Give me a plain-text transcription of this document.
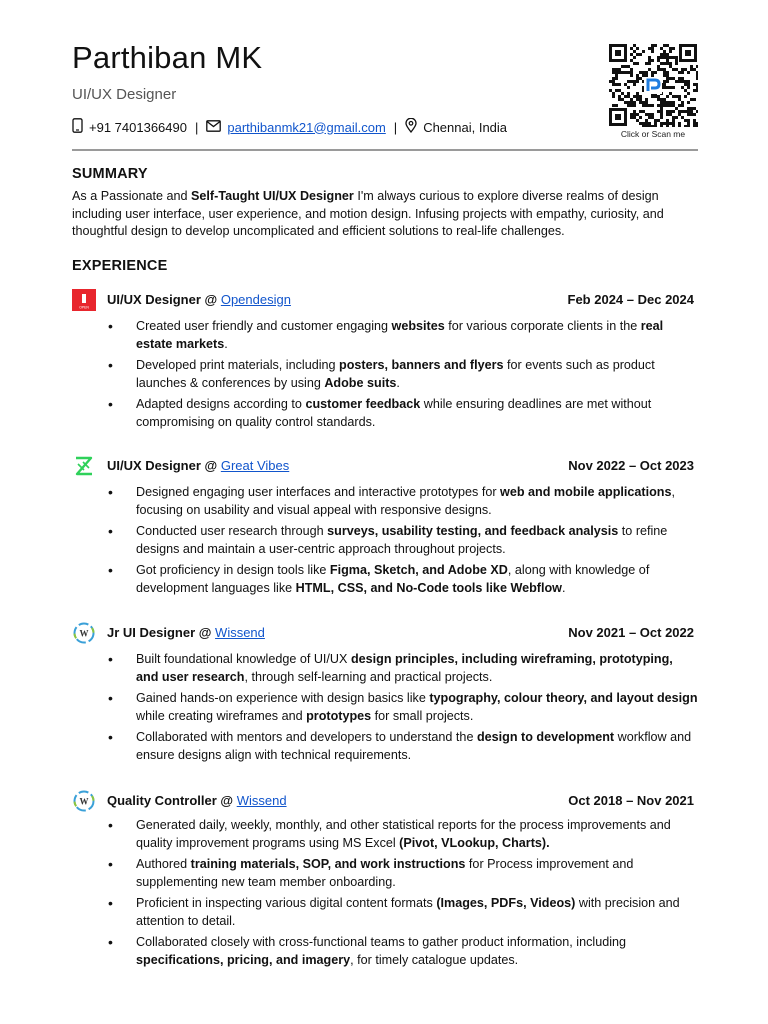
Parthiban MK
UI/UX Designer
+91 7401366490 | parthibanmk21@gmail.com | Chennai, India	Click or Scan me
SUMMARY
As a Passionate and Self-Taught UI/UX Designer I'm always curious to explore diverse realms of design including user interface, user experience, and motion design. Infusing projects with empathy, curiosity, and thoughtful design to develop uncomplicated and efficient solutions to real-life challenges.
EXPERIENCE
OPEN
UI/UX Designer @ Opendesign	Feb 2024 – Dec 2024
• Created user friendly and customer engaging websites for various corporate clients in the real estate markets.
• Developed print materials, including posters, banners and flyers for events such as product launches & conferences by using Adobe suits.
• Adapted designs according to customer feedback while ensuring deadlines are met without compromising on quality control standards.
UI/UX Designer @ Great Vibes	Nov 2022 – Oct 2023
• Designed engaging user interfaces and interactive prototypes for web and mobile applications, focusing on usability and visual appeal with responsive designs.
• Conducted user research through surveys, usability testing, and feedback analysis to refine designs and maintain a user-centric approach throughout projects.
• Got proficiency in design tools like Figma, Sketch, and Adobe XD, along with knowledge of development languages like HTML, CSS, and No-Code tools like Webflow.
W Jr UI Designer @ Wissend	Nov 2021 – Oct 2022
• Built foundational knowledge of UI/UX design principles, including wireframing, prototyping, and user research, through self-learning and practical projects.
• Gained hands-on experience with design basics like typography, colour theory, and layout design while creating wireframes and prototypes for small projects.
• Collaborated with mentors and developers to understand the design to development workflow and ensure designs align with technical requirements.
W Quality Controller @ Wissend	Oct 2018 – Nov 2021
• Generated daily, weekly, monthly, and other statistical reports for the process improvements and quality improvement programs using MS Excel (Pivot, VLookup, Charts).
• Authored training materials, SOP, and work instructions for Process improvement and supplementing new team member onboarding.
• Proficient in inspecting various digital content formats (Images, PDFs, Videos) with precision and attention to detail.
• Collaborated closely with cross-functional teams to gather product information, including specifications, pricing, and imagery, for timely catalogue updates.
